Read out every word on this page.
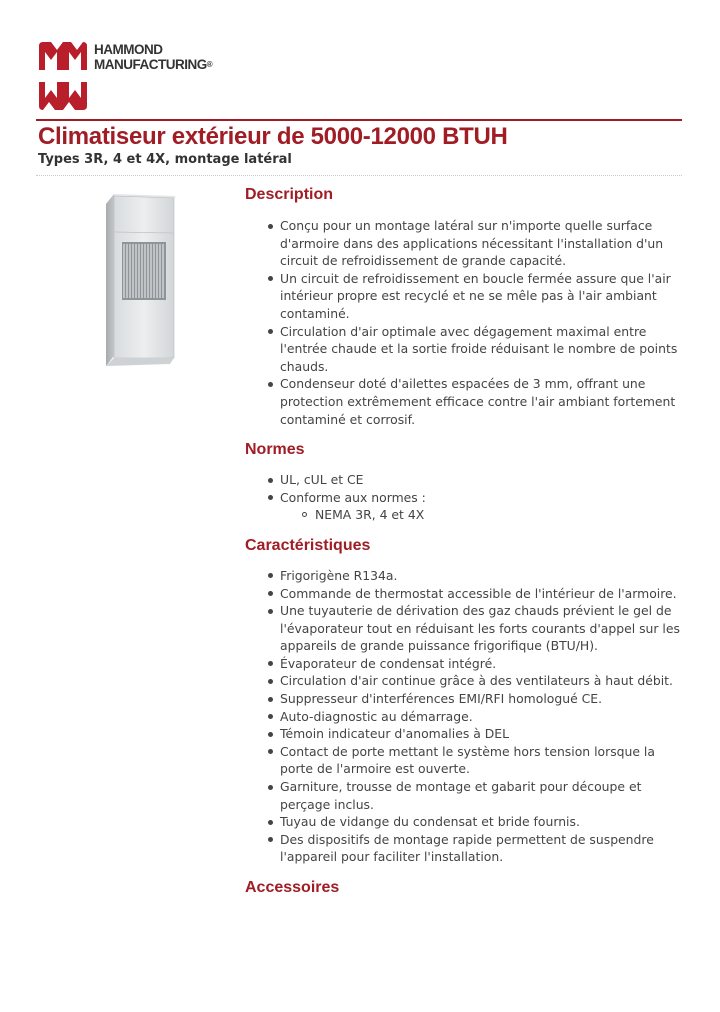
HAMMOND
MANUFACTURING®
Climatiseur extérieur de 5000-12000 BTUH
Types 3R, 4 et 4X, montage latéral
Description
Conçu pour un montage latéral sur n'importe quelle surface d'armoire dans des applications nécessitant l'installation d'un circuit de refroidissement de grande capacité.
Un circuit de refroidissement en boucle fermée assure que l'air intérieur propre est recyclé et ne se mêle pas à l'air ambiant contaminé.
Circulation d'air optimale avec dégagement maximal entre l'entrée chaude et la sortie froide réduisant le nombre de points chauds.
Condenseur doté d'ailettes espacées de 3 mm, offrant une protection extrêmement efficace contre l'air ambiant fortement contaminé et corrosif.
Normes
UL, cUL et CE
Conforme aux normes :
NEMA 3R, 4 et 4X
Caractéristiques
Frigorigène R134a.
Commande de thermostat accessible de l'intérieur de l'armoire.
Une tuyauterie de dérivation des gaz chauds prévient le gel de l'évaporateur tout en réduisant les forts courants d'appel sur les appareils de grande puissance frigorifique (BTU/H).
Évaporateur de condensat intégré.
Circulation d'air continue grâce à des ventilateurs à haut débit.
Suppresseur d'interférences EMI/RFI homologué CE.
Auto-diagnostic au démarrage.
Témoin indicateur d'anomalies à DEL
Contact de porte mettant le système hors tension lorsque la porte de l'armoire est ouverte.
Garniture, trousse de montage et gabarit pour découpe et perçage inclus.
Tuyau de vidange du condensat et bride fournis.
Des dispositifs de montage rapide permettent de suspendre l'appareil pour faciliter l'installation.
Accessoires
